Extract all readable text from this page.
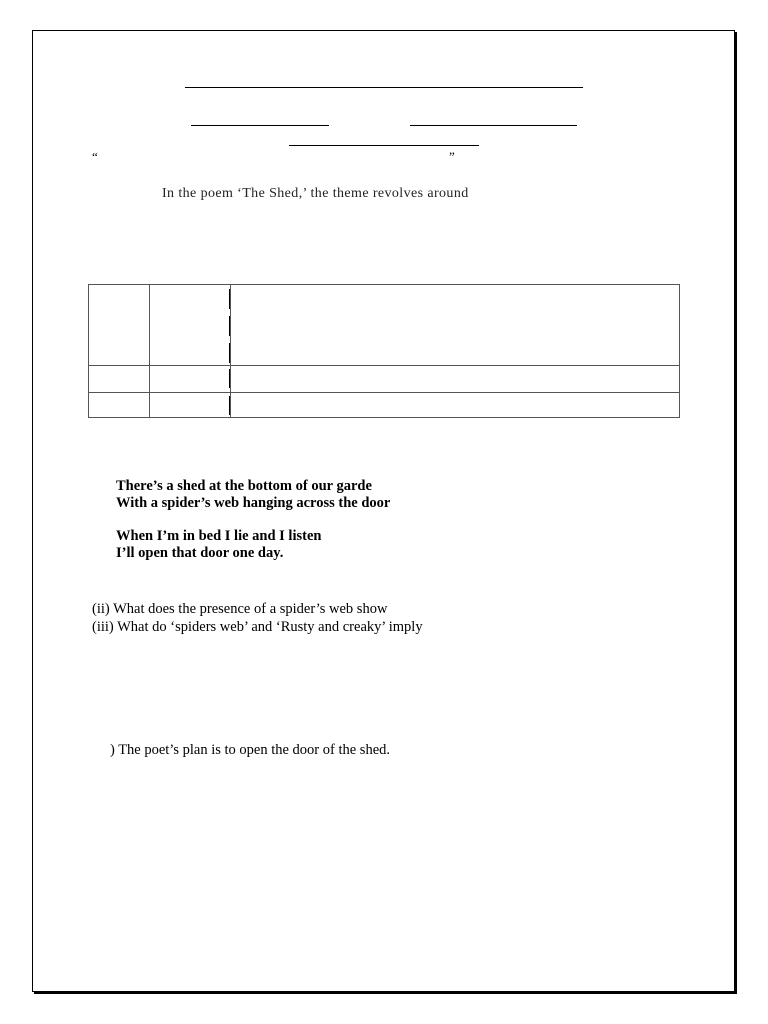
“	”
In the poem ‘The Shed,’ the theme revolves around

There’s a shed at the bottom of our garde
With a spider’s web hanging across the door
When I’m in bed I lie and I listen
I’ll open that door one day.
(ii) What does the presence of a spider’s web show
(iii) What do ‘spiders web’ and ‘Rusty and creaky’ imply
) The poet’s plan is to open the door of the shed.
